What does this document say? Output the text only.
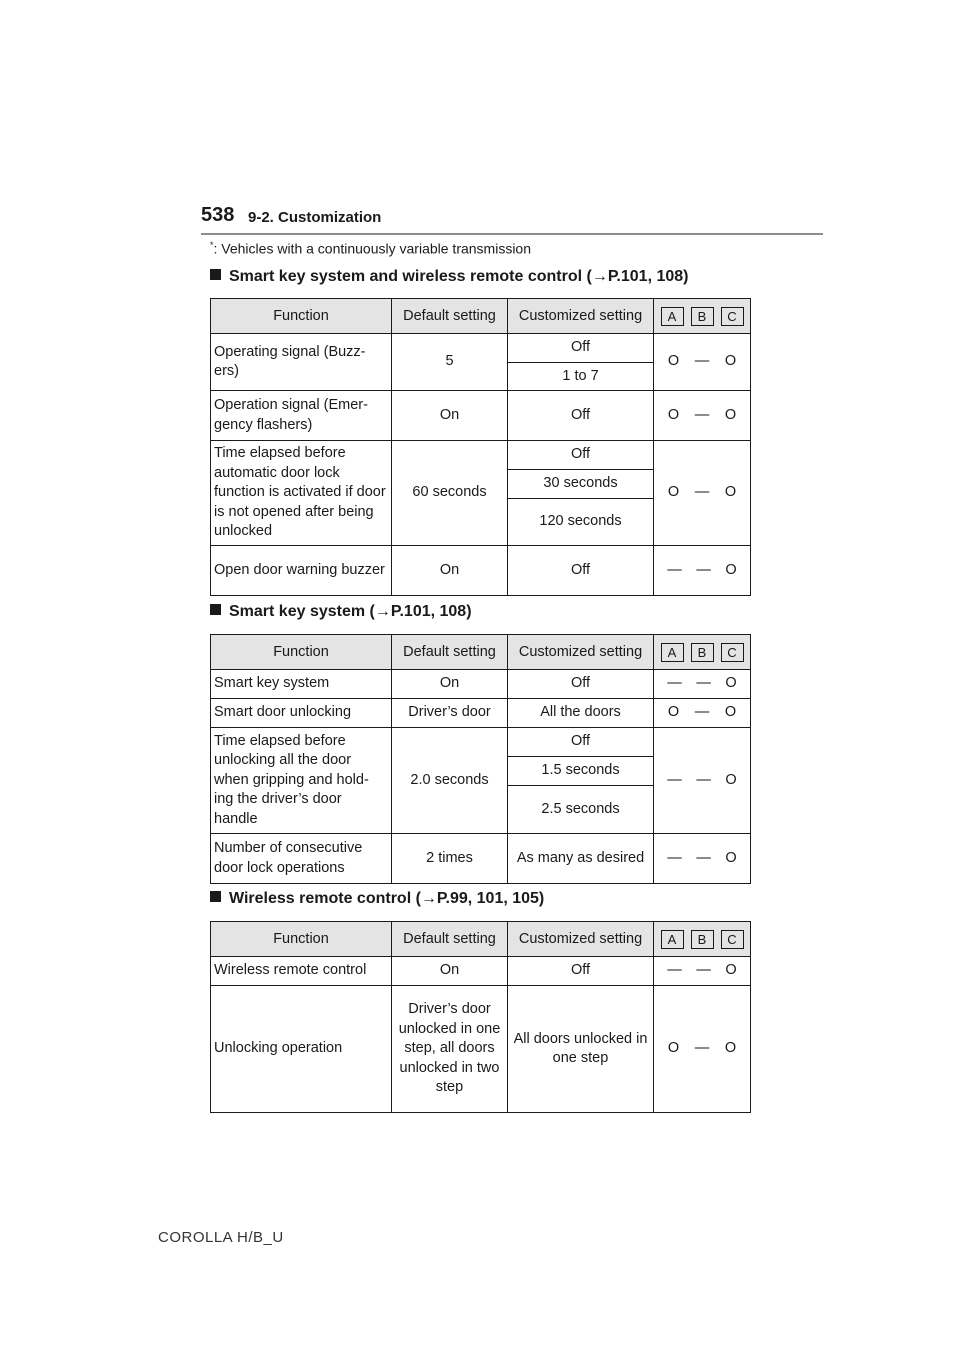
538 9-2. Customization
*: Vehicles with a continuously variable transmission
Smart key system and wireless remote control (→P.101, 108)
Function	Default setting	Customized setting	A B C

Operating signal (Buzz-ers)	5	Off	O — O

		1 to 7	
Operation signal (Emer-gency flashers)	On	Off	O — O

Time elapsed before automatic door lock function is activated if door is not opened after being unlocked	60 seconds	Off	O — O

		30 seconds	
		120 seconds	
Open door warning buzzer	On	Off	— — O
Smart key system (→P.101, 108)
Function	Default setting	Customized setting	A B C

Smart key system	On	Off	— — O

Smart door unlocking	Driver’s door	All the doors	O — O

Time elapsed before unlocking all the door when gripping and hold-ing the driver’s door handle	2.0 seconds	Off	— — O

		1.5 seconds	
		2.5 seconds	
Number of consecutive door lock operations	2 times	As many as desired	— — O
Wireless remote control (→P.99, 101, 105)
Function	Default setting	Customized setting	A B C

Wireless remote control	On	Off	— — O

Unlocking operation	Driver’s door unlocked in one step, all doors unlocked in two step	All doors unlocked in one step	O — O
COROLLA H/B_U
